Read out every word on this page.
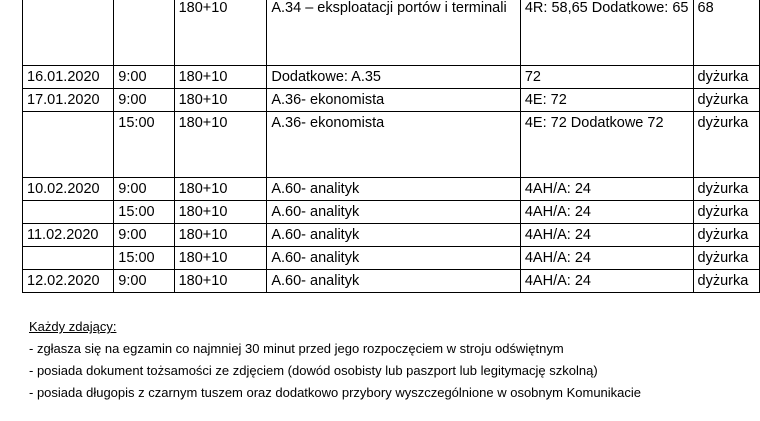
		180+10	A.34 – eksploatacji portów i terminali	4R: 58,65 Dodatkowe: 65	68
16.01.2020	9:00	180+10	Dodatkowe: A.35	72	dyżurka
17.01.2020	9:00	180+10	A.36- ekonomista	4E: 72	dyżurka
	15:00	180+10	A.36- ekonomista	4E: 72 Dodatkowe 72	dyżurka
10.02.2020	9:00	180+10	A.60- analityk	4AH/A: 24	dyżurka
	15:00	180+10	A.60- analityk	4AH/A: 24	dyżurka
11.02.2020	9:00	180+10	A.60- analityk	4AH/A: 24	dyżurka
	15:00	180+10	A.60- analityk	4AH/A: 24	dyżurka
12.02.2020	9:00	180+10	A.60- analityk	4AH/A: 24	dyżurka
Każdy zdający:
- zgłasza się na egzamin co najmniej 30 minut przed jego rozpoczęciem w stroju odświętnym
- posiada dokument tożsamości ze zdjęciem (dowód osobisty lub paszport lub legitymację szkolną)
- posiada długopis z czarnym tuszem oraz dodatkowo przybory wyszczególnione w osobnym Komunikacie
